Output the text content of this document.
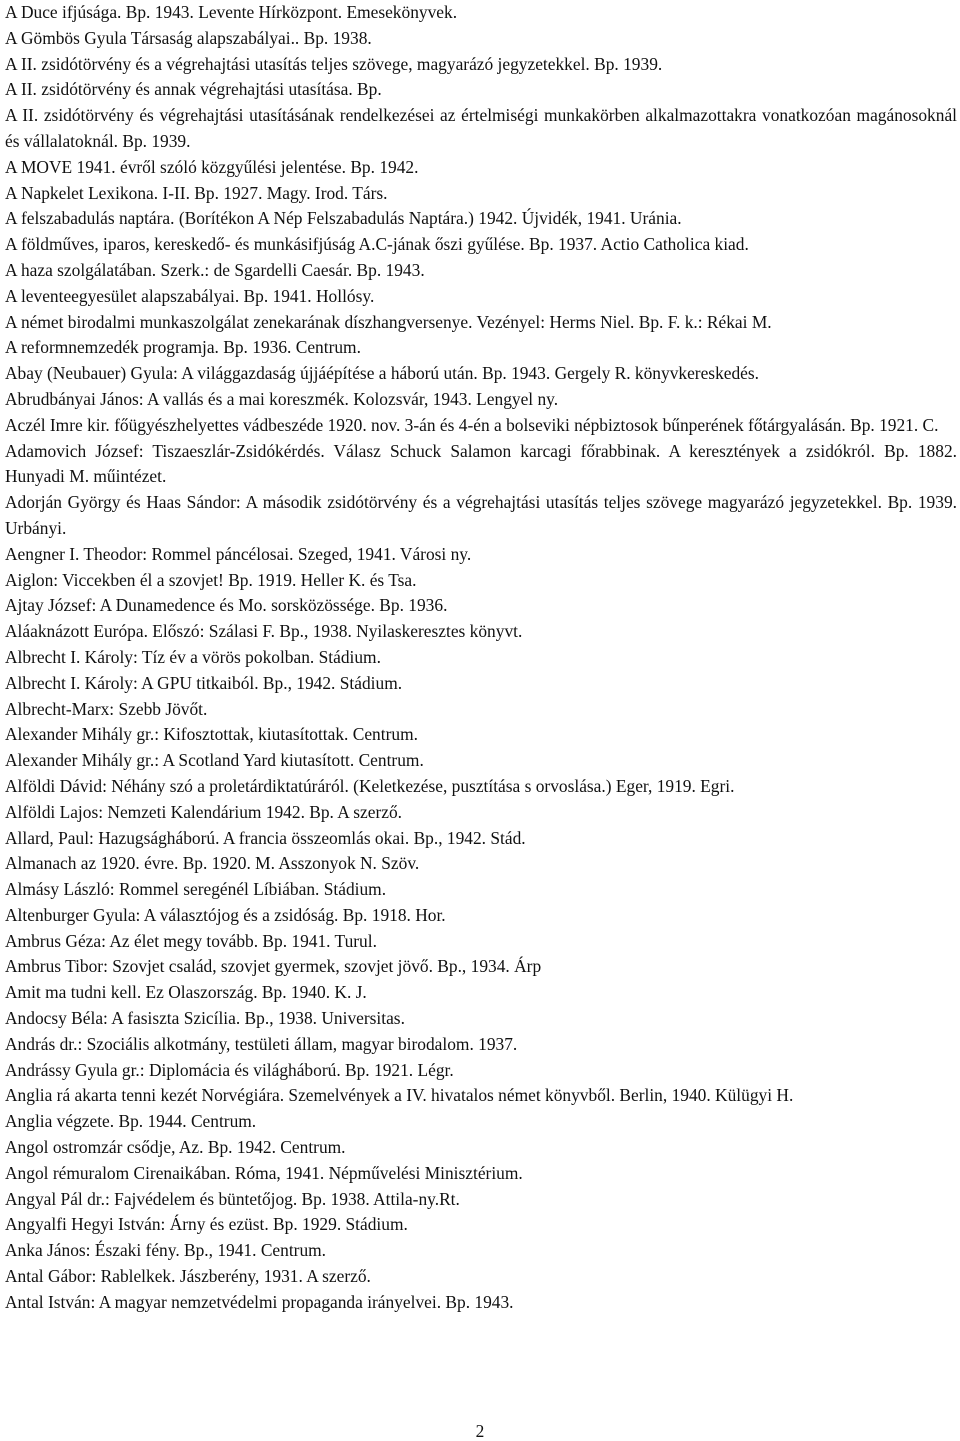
A Duce ifjúsága. Bp. 1943. Levente Hírközpont. Emesekönyvek.

A Gömbös Gyula Társaság alapszabályai.. Bp. 1938.

A II. zsidótörvény és a végrehajtási utasítás teljes szövege, magyarázó jegyzetekkel. Bp. 1939.

A II. zsidótörvény és annak végrehajtási utasítása. Bp.

A II. zsidótörvény és végrehajtási utasításának rendelkezései az értelmiségi munkakörben alkalmazottakra vonatkozóan magánosoknál és vállalatoknál. Bp. 1939.

A MOVE 1941. évről szóló közgyűlési jelentése. Bp. 1942.

A Napkelet Lexikona. I-II. Bp. 1927. Magy. Irod. Társ.

A felszabadulás naptára. (Borítékon A Nép Felszabadulás Naptára.) 1942. Újvidék, 1941. Uránia.

A földműves, iparos, kereskedő- és munkásifjúság A.C-jának őszi gyűlése. Bp. 1937. Actio Catholica kiad.

A haza szolgálatában. Szerk.: de Sgardelli Caesár. Bp. 1943.

A leventeegyesület alapszabályai. Bp. 1941. Hollósy.

A német birodalmi munkaszolgálat zenekarának díszhangversenye. Vezényel: Herms Niel. Bp. F. k.: Rékai M.

A reformnemzedék programja. Bp. 1936. Centrum.

Abay (Neubauer) Gyula: A világgazdaság újjáépítése a háború után. Bp. 1943. Gergely R. könyvkereskedés.

Abrudbányai János: A vallás és a mai koreszmék. Kolozsvár, 1943. Lengyel ny.

Aczél Imre kir. főügyészhelyettes vádbeszéde 1920. nov. 3-án és 4-én a bolseviki népbiztosok bűnperének főtárgyalásán. Bp. 1921. C.

Adamovich József: Tiszaeszlár-Zsidókérdés. Válasz Schuck Salamon karcagi főrabbinak. A keresztények a zsidókról. Bp. 1882. Hunyadi M. műintézet.

Adorján György és Haas Sándor: A második zsidótörvény és a végrehajtási utasítás teljes szövege magyarázó jegyzetekkel. Bp. 1939. Urbányi.

Aengner I. Theodor: Rommel páncélosai. Szeged, 1941. Városi ny.

Aiglon: Viccekben él a szovjet! Bp. 1919. Heller K. és Tsa.

Ajtay József: A Dunamedence és Mo. sorsközössége. Bp. 1936.

Aláaknázott Európa. Előszó: Szálasi F. Bp., 1938. Nyilaskeresztes könyvt.

Albrecht I. Károly: Tíz év a vörös pokolban. Stádium.

Albrecht I. Károly: A GPU titkaiból. Bp., 1942. Stádium.

Albrecht-Marx: Szebb Jövőt.

Alexander Mihály gr.: Kifosztottak, kiutasítottak. Centrum.

Alexander Mihály gr.: A Scotland Yard kiutasított. Centrum.

Alföldi Dávid: Néhány szó a proletárdiktatúráról. (Keletkezése, pusztítása s orvoslása.) Eger, 1919. Egri.

Alföldi Lajos: Nemzeti Kalendárium 1942. Bp. A szerző.

Allard, Paul: Hazugságháború. A francia összeomlás okai. Bp., 1942. Stád.

Almanach az 1920. évre. Bp. 1920. M. Asszonyok N. Szöv.

Almásy László: Rommel seregénél Líbiában. Stádium.

Altenburger Gyula: A választójog és a zsidóság. Bp. 1918. Hor.

Ambrus Géza: Az élet megy tovább. Bp. 1941. Turul.

Ambrus Tibor: Szovjet család, szovjet gyermek, szovjet jövő. Bp., 1934. Árp

Amit ma tudni kell. Ez Olaszország. Bp. 1940. K. J.

Andocsy Béla: A fasiszta Szicília. Bp., 1938. Universitas.

András dr.: Szociális alkotmány, testületi állam, magyar birodalom. 1937.

Andrássy Gyula gr.: Diplomácia és világháború. Bp. 1921. Légr.

Anglia rá akarta tenni kezét Norvégiára. Szemelvények a IV. hivatalos német könyvből. Berlin, 1940. Külügyi H.

Anglia végzete. Bp. 1944. Centrum.

Angol ostromzár csődje, Az. Bp. 1942. Centrum.

Angol rémuralom Cirenaikában. Róma, 1941. Népművelési Minisztérium.

Angyal Pál dr.: Fajvédelem és büntetőjog. Bp. 1938. Attila-ny.Rt.

Angyalfi Hegyi István: Árny és ezüst. Bp. 1929. Stádium.

Anka János: Északi fény. Bp., 1941. Centrum.

Antal Gábor: Rablelkek. Jászberény, 1931. A szerző.

Antal István: A magyar nemzetvédelmi propaganda irányelvei. Bp. 1943.

2
